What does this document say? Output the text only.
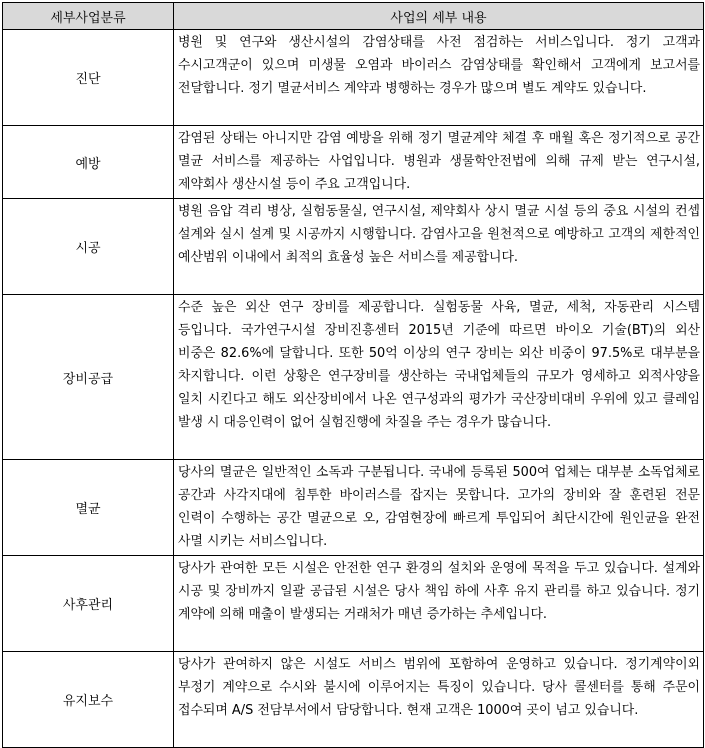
세부사업분류	사업의 세부 내용
진단	병원 및 연구와 생산시설의 감염상태를 사전 점검하는 서비스입니다. 정기 고객과 수시고객군이 있으며 미생물 오염과 바이러스 감염상태를 확인해서 고객에게 보고서를 전달합니다. 정기 멸균서비스 계약과 병행하는 경우가 많으며 별도 계약도 있습니다.
예방	감염된 상태는 아니지만 감염 예방을 위해 정기 멸균계약 체결 후 매월 혹은 정기적으로 공간 멸균 서비스를 제공하는 사업입니다. 병원과 생물학안전법에 의해 규제 받는 연구시설, 제약회사 생산시설 등이 주요 고객입니다.
시공	병원 음압 격리 병상, 실험동물실, 연구시설, 제약회사 상시 멸균 시설 등의 중요 시설의 컨셉 설계와 실시 설계 및 시공까지 시행합니다. 감염사고을 원천적으로 예방하고 고객의 제한적인 예산범위 이내에서 최적의 효율성 높은 서비스를 제공합니다.
장비공급	수준 높은 외산 연구 장비를 제공합니다. 실험동물 사육, 멸균, 세척, 자동관리 시스템 등입니다. 국가연구시설 장비진흥센터 2015년 기준에 따르면 바이오 기술(BT)의 외산 비중은 82.6%에 달합니다. 또한 50억 이상의 연구 장비는 외산 비중이 97.5%로 대부분을 차지합니다. 이런 상황은 연구장비를 생산하는 국내업체들의 규모가 영세하고 외적사양을 일치 시킨다고 해도 외산장비에서 나온 연구성과의 평가가 국산장비대비 우위에 있고 클레임 발생 시 대응인력이 없어 실험진행에 차질을 주는 경우가 많습니다.
멸균	당사의 멸균은 일반적인 소독과 구분됩니다. 국내에 등록된 500여 업체는 대부분 소독업체로 공간과 사각지대에 침투한 바이러스를 잡지는 못합니다. 고가의 장비와 잘 훈련된 전문 인력이 수행하는 공간 멸균으로 오, 감염현장에 빠르게 투입되어 최단시간에 원인균을 완전 사멸 시키는 서비스입니다.
사후관리	당사가 관여한 모든 시설은 안전한 연구 환경의 설치와 운영에 목적을 두고 있습니다. 설계와 시공 및 장비까지 일괄 공급된 시설은 당사 책임 하에 사후 유지 관리를 하고 있습니다. 정기 계약에 의해 매출이 발생되는 거래처가 매년 증가하는 추세입니다.
유지보수	당사가 관여하지 않은 시설도 서비스 범위에 포함하여 운영하고 있습니다. 정기계약이외 부정기 계약으로 수시와 불시에 이루어지는 특징이 있습니다. 당사 콜센터를 통해 주문이 접수되며 A/S 전담부서에서 담당합니다. 현재 고객은 1000여 곳이 넘고 있습니다.
